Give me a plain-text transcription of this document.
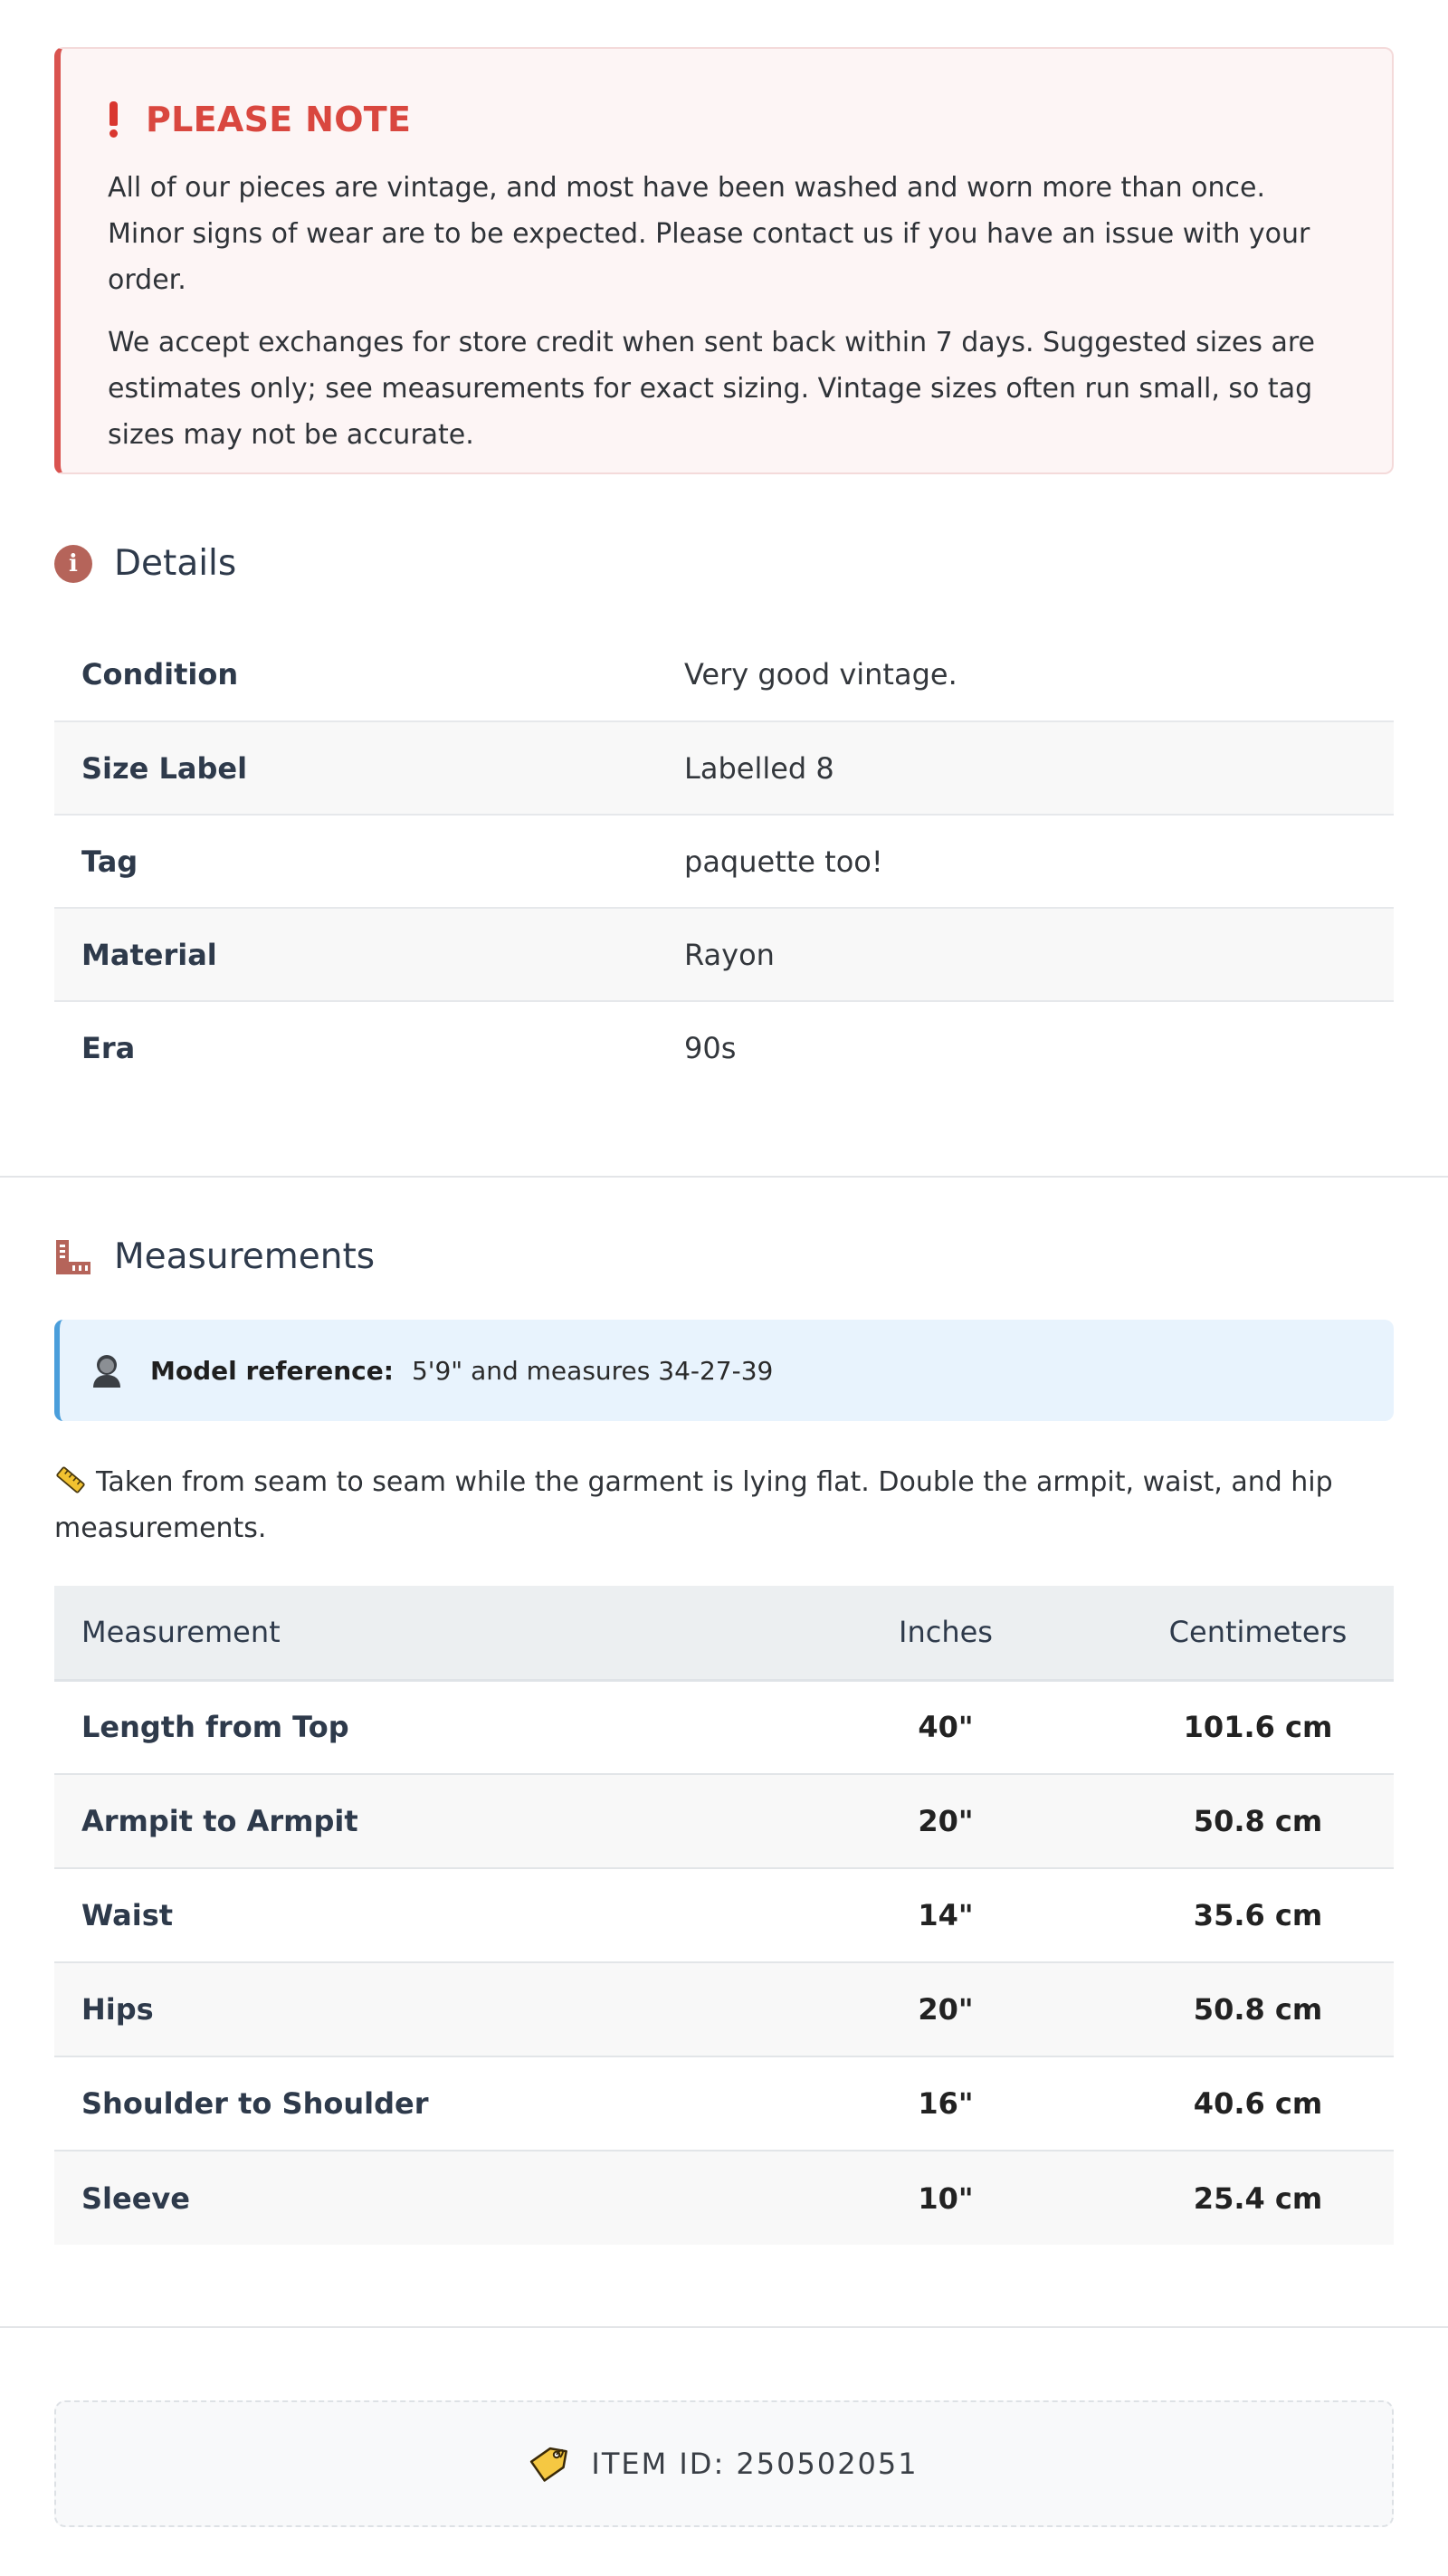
PLEASE NOTE

All of our pieces are vintage, and most have been washed and worn more than once. Minor signs of wear are to be expected. Please contact us if you have an issue with your order.

We accept exchanges for store credit when sent back within 7 days. Suggested sizes are estimates only; see measurements for exact sizing. Vintage sizes often run small, so tag sizes may not be accurate.

i	Details
Condition	Very good vintage.
Size Label	Labelled 8
Tag	paquette too!
Material	Rayon
Era	90s
Measurements
Model reference: 5'9" and measures 34-27-39
Taken from seam to seam while the garment is lying flat. Double the armpit, waist, and hip measurements.
Measurement	Inches	Centimeters
Length from Top	40"	101.6 cm
Armpit to Armpit	20"	50.8 cm
Waist	14"	35.6 cm
Hips	20"	50.8 cm
Shoulder to Shoulder	16"	40.6 cm
Sleeve	10"	25.4 cm
ITEM ID: 250502051
